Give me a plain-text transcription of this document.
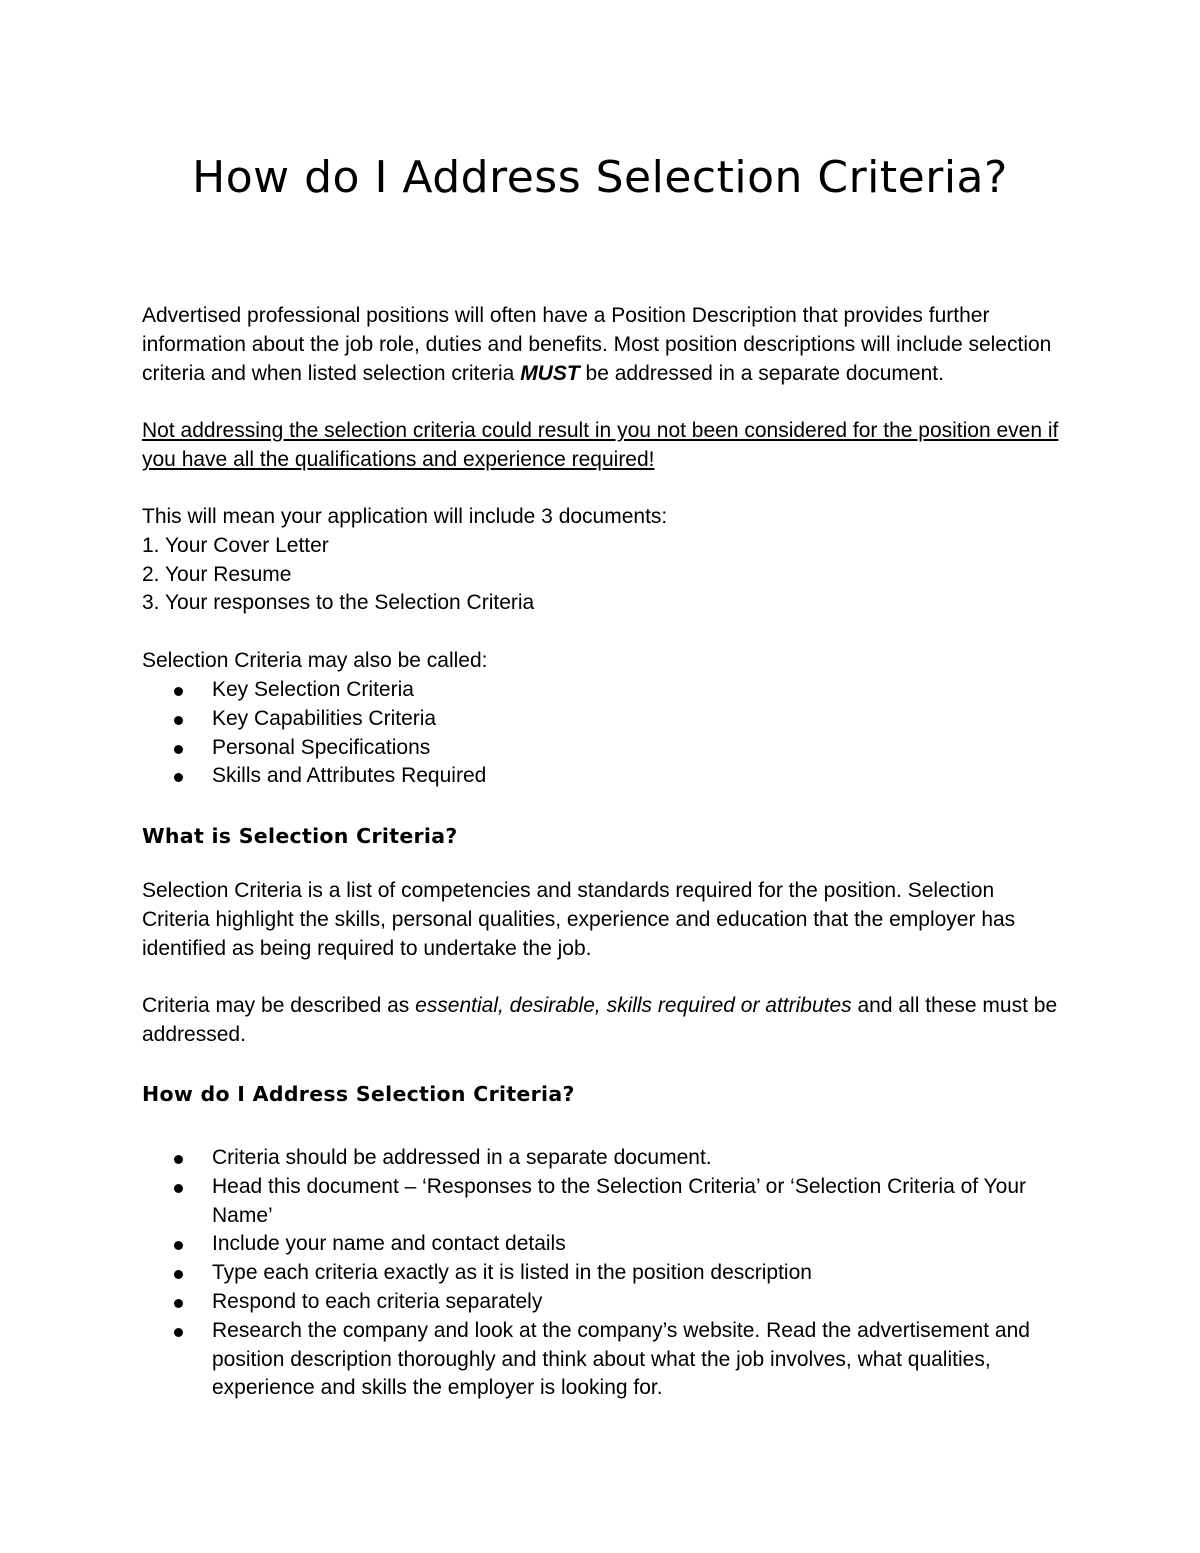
How do I Address Selection Criteria?

Advertised professional positions will often have a Position Description that provides further information about the job role, duties and benefits. Most position descriptions will include selection criteria and when listed selection criteria MUST be addressed in a separate document.

Not addressing the selection criteria could result in you not been considered for the position even if you have all the qualifications and experience required!

This will mean your application will include 3 documents:
1. Your Cover Letter
2. Your Resume
3. Your responses to the Selection Criteria
Selection Criteria may also be called:
Key Selection Criteria
Key Capabilities Criteria
Personal Specifications
Skills and Attributes Required
What is Selection Criteria?

Selection Criteria is a list of competencies and standards required for the position. Selection Criteria highlight the skills, personal qualities, experience and education that the employer has identified as being required to undertake the job.

Criteria may be described as essential, desirable, skills required or attributes and all these must be addressed.

How do I Address Selection Criteria?
Criteria should be addressed in a separate document.
Head this document – ‘Responses to the Selection Criteria’ or ‘Selection Criteria of Your Name’
Include your name and contact details
Type each criteria exactly as it is listed in the position description
Respond to each criteria separately
Research the company and look at the company’s website. Read the advertisement and position description thoroughly and think about what the job involves, what qualities, experience and skills the employer is looking for.
